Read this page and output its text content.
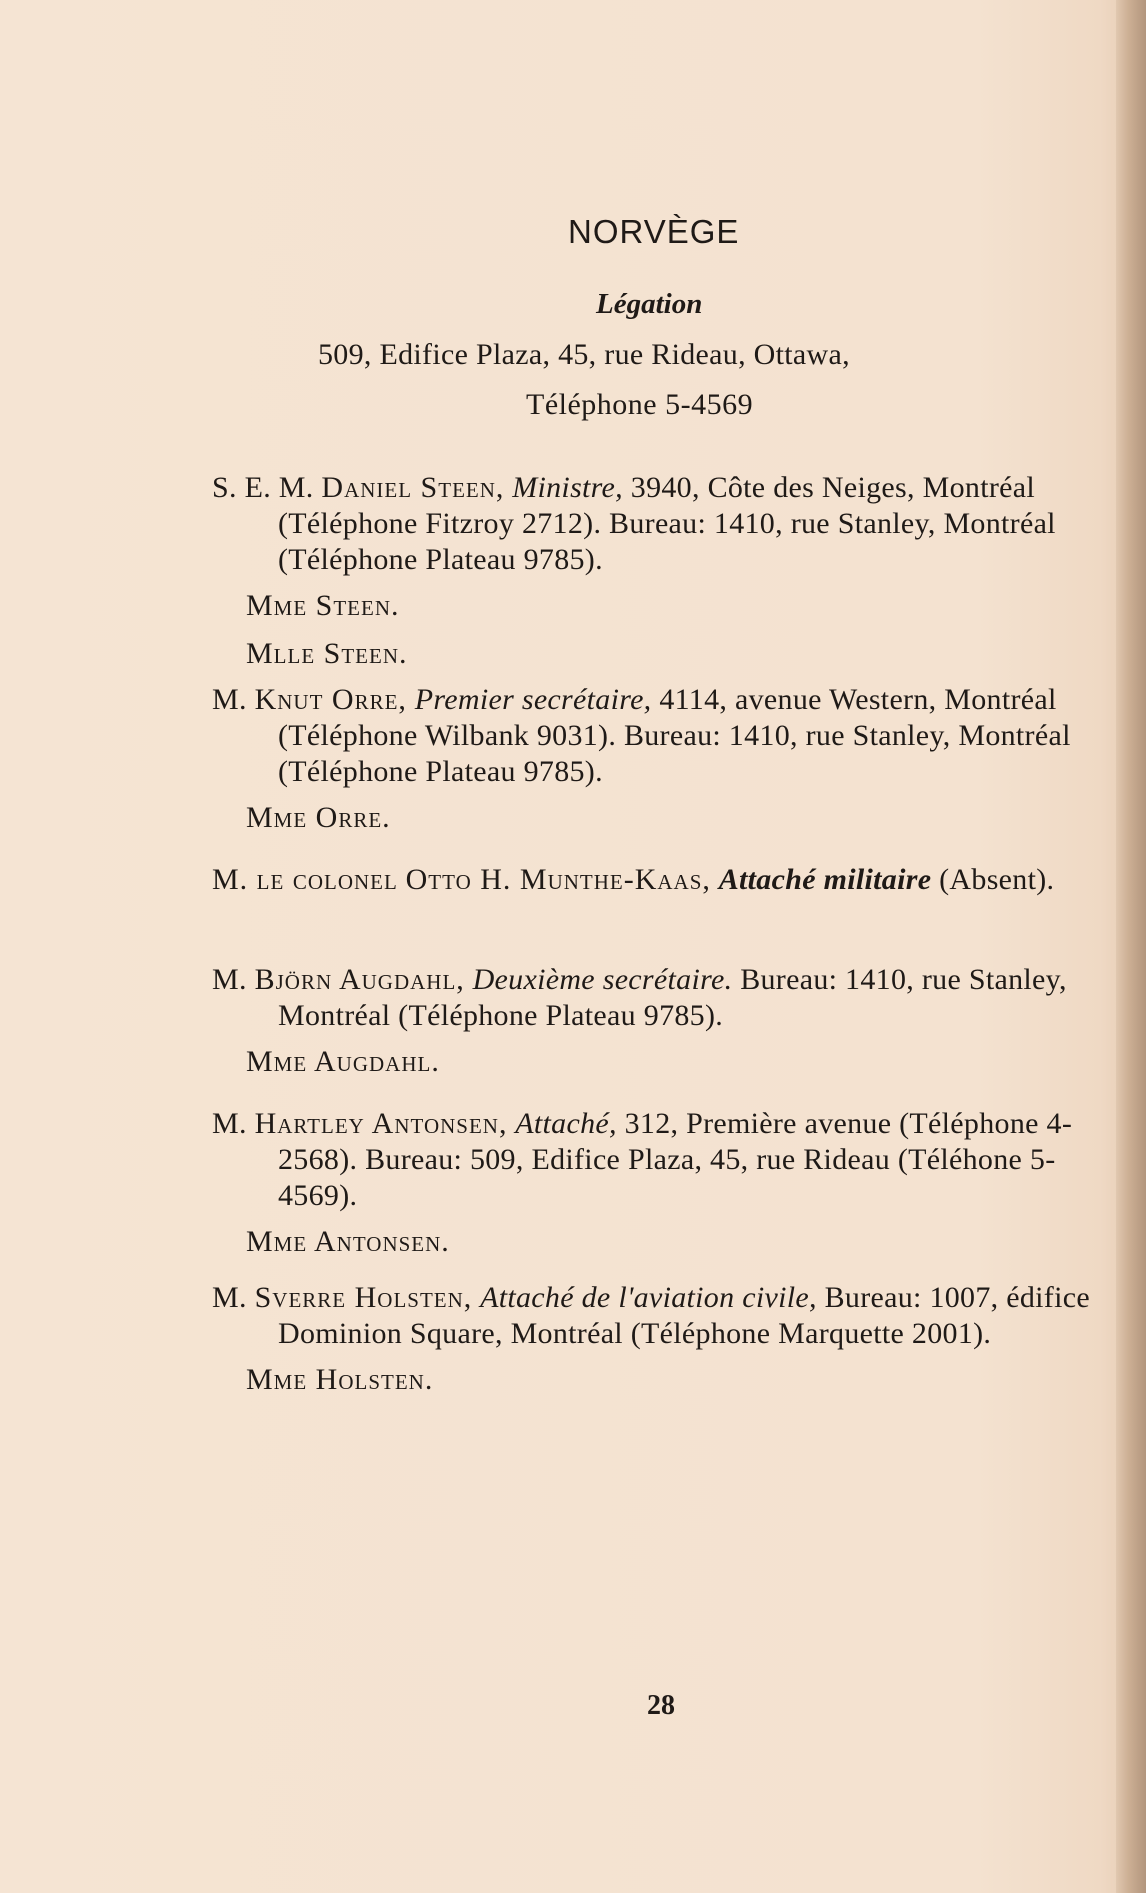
NORVÈGE
Légation
509, Edifice Plaza, 45, rue Rideau, Ottawa,
Téléphone 5-4569
S. E. M. Daniel Steen, Ministre, 3940, Côte des Neiges, Montréal (Téléphone Fitzroy 2712). Bureau: 1410, rue Stanley, Montréal (Téléphone Plateau 9785).
Mme Steen.
Mlle Steen.
M. Knut Orre, Premier secrétaire, 4114, avenue Western, Montréal (Téléphone Wilbank 9031). Bureau: 1410, rue Stanley, Montréal (Téléphone Plateau 9785).
Mme Orre.
M. le colonel Otto H. Munthe-Kaas, Attaché militaire (Absent).
M. Björn Augdahl, Deuxième secrétaire. Bureau: 1410, rue Stanley, Montréal (Téléphone Plateau 9785).
Mme Augdahl.
M. Hartley Antonsen, Attaché, 312, Première avenue (Téléphone 4-2568). Bureau: 509, Edifice Plaza, 45, rue Rideau (Téléhone 5-4569).
Mme Antonsen.
M. Sverre Holsten, Attaché de l'aviation civile, Bureau: 1007, édifice Dominion Square, Montréal (Téléphone Marquette 2001).
Mme Holsten.
28
